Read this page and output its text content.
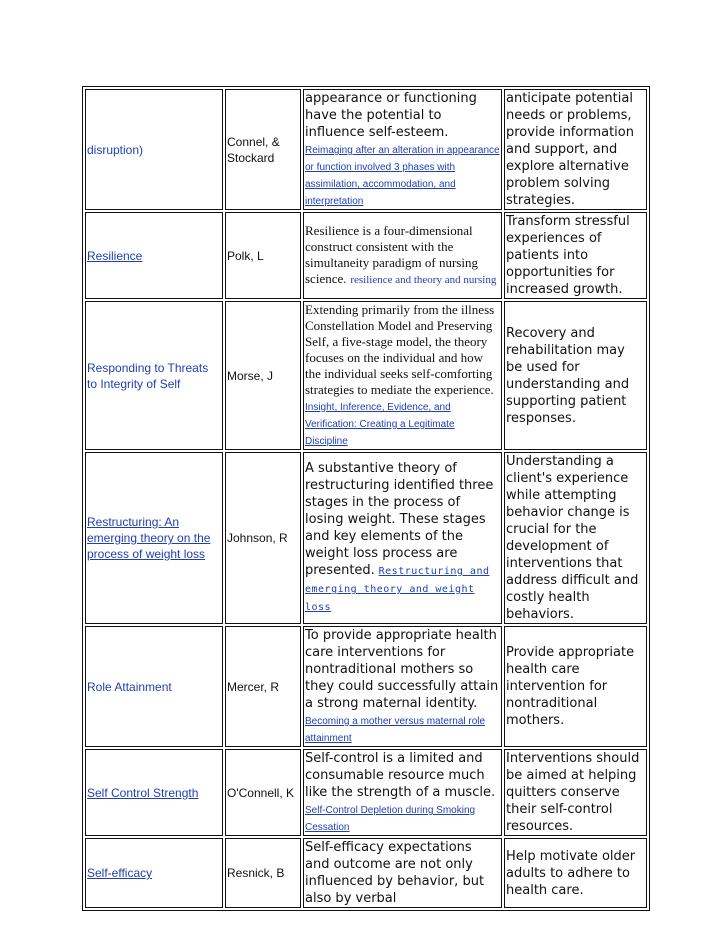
disruption)	Connel, & Stockard	appearance or functioning have the potential to influence self-esteem. Reimaging after an alteration in appearance or function involved 3 phases with assimilation, accommodation, and interpretation	anticipate potential needs or problems, provide information and support, and explore alternative problem solving strategies.
Resilience	Polk, L	Resilience is a four-dimensional construct consistent with the simultaneity paradigm of nursing science. resilience and theory and nursing	Transform stressful experiences of patients into opportunities for increased growth.
Responding to Threats to Integrity of Self	Morse, J	Extending primarily from the illness Constellation Model and Preserving Self, a five-stage model, the theory focuses on the individual and how the individual seeks self-comforting strategies to mediate the experience. Insight, Inference, Evidence, and Verification: Creating a Legitimate Discipline	Recovery and rehabilitation may be used for understanding and supporting patient responses.
Restructuring: An emerging theory on the process of weight loss	Johnson, R	A substantive theory of restructuring identified three stages in the process of losing weight. These stages and key elements of the weight loss process are presented. Restructuring and emerging theory and weight loss	Understanding a client's experience while attempting behavior change is crucial for the development of interventions that address difficult and costly health behaviors.
Role Attainment	Mercer, R	To provide appropriate health care interventions for nontraditional mothers so they could successfully attain a strong maternal identity. Becoming a mother versus maternal role attainment	Provide appropriate health care intervention for nontraditional mothers.
Self Control Strength	O'Connell, K	Self-control is a limited and consumable resource much like the strength of a muscle. Self-Control Depletion during Smoking Cessation	Interventions should be aimed at helping quitters conserve their self-control resources.
Self-efficacy	Resnick, B	Self-efficacy expectations and outcome are not only influenced by behavior, but also by verbal	Help motivate older adults to adhere to health care.
